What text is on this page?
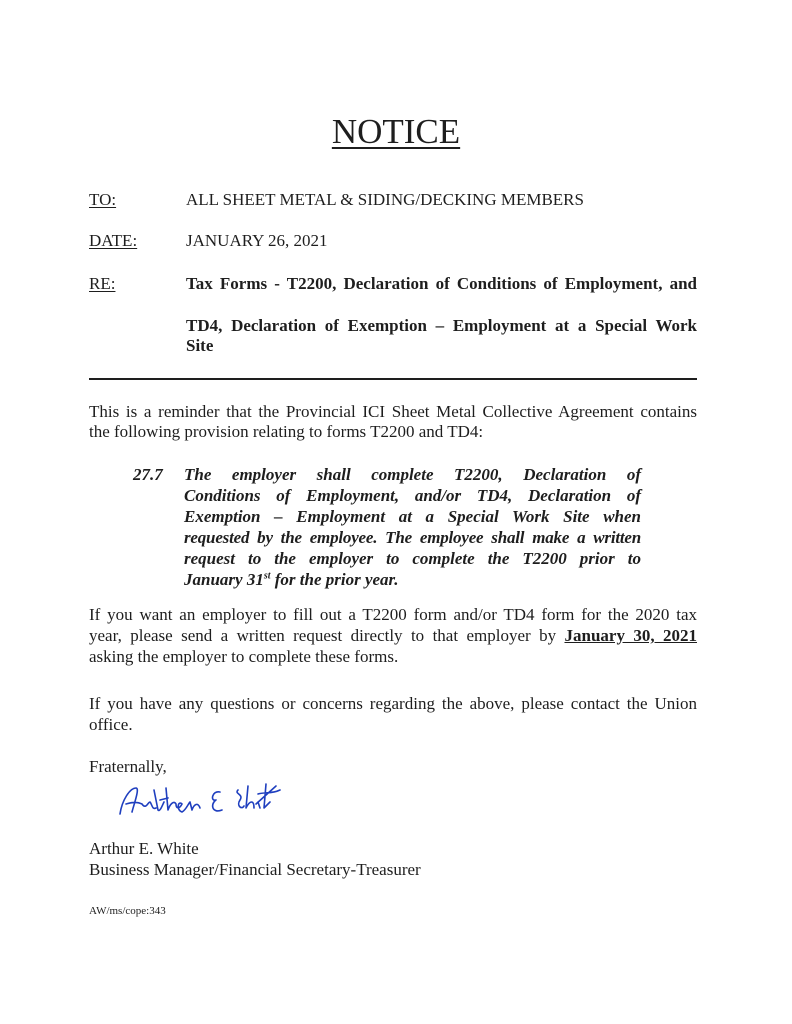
NOTICE
TO:	ALL SHEET METAL & SIDING/DECKING MEMBERS
DATE:	JANUARY 26, 2021
RE:	Tax Forms - T2200, Declaration of Conditions of Employment, and
TD4, Declaration of Exemption – Employment at a Special Work
Site
This is a reminder that the Provincial ICI Sheet Metal Collective Agreement contains
the following provision relating to forms T2200 and TD4:
27.7 The employer shall complete T2200, Declaration of
Conditions of Employment, and/or TD4, Declaration of
Exemption – Employment at a Special Work Site when
requested by the employee. The employee shall make a written
request to the employer to complete the T2200 prior to
January 31st for the prior year.
If you want an employer to fill out a T2200 form and/or TD4 form for the 2020 tax
year, please send a written request directly to that employer by January 30, 2021
asking the employer to complete these forms.
If you have any questions or concerns regarding the above, please contact the Union
office.
Fraternally,
Arthur E. White
Business Manager/Financial Secretary-Treasurer
AW/ms/cope:343
